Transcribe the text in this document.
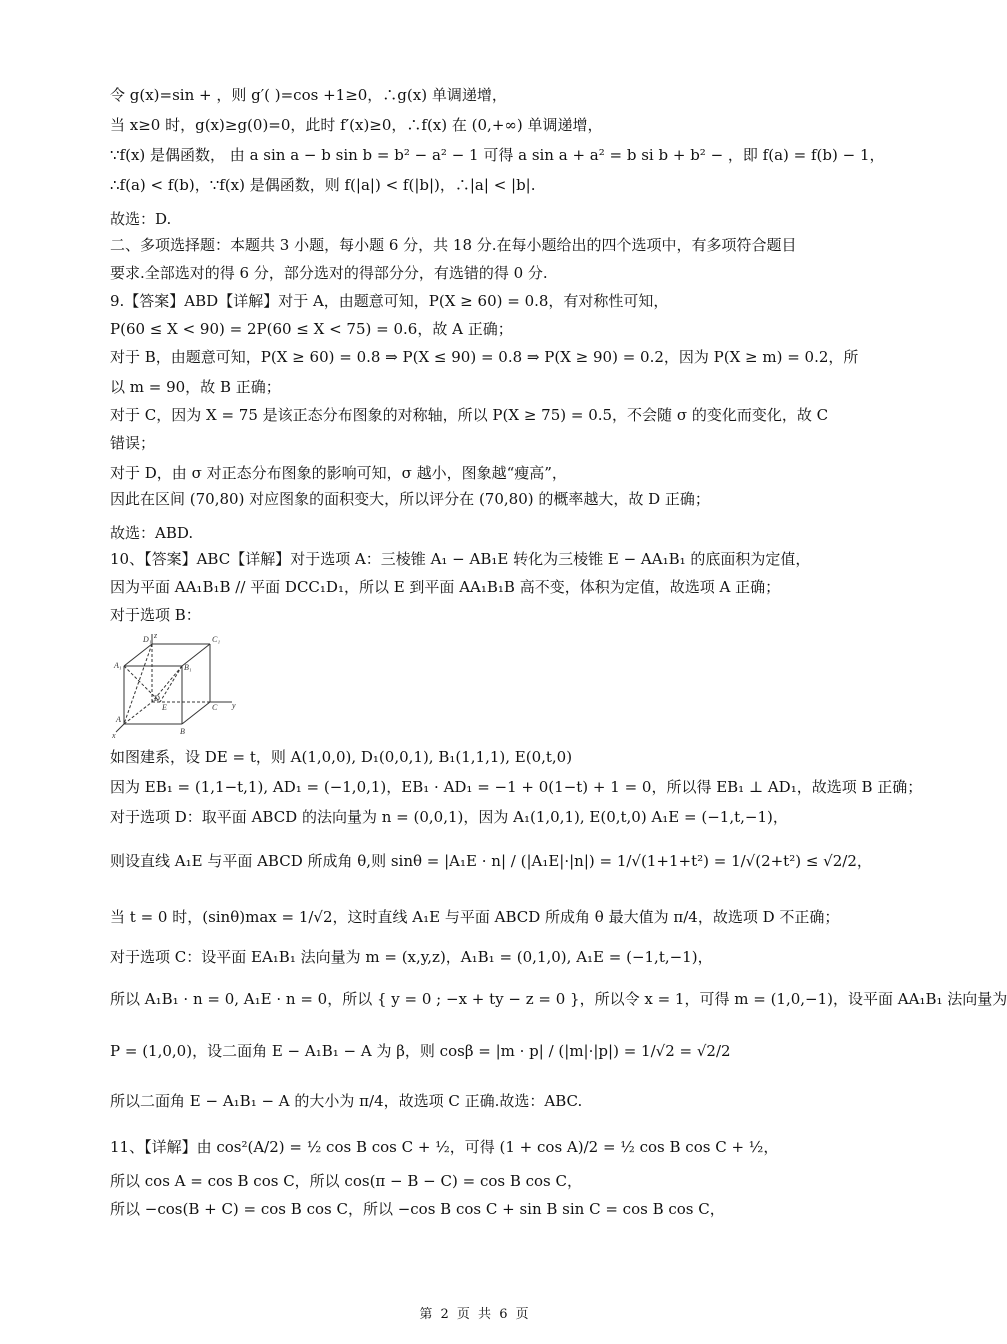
令 g(x)=sin + ，则 g′( )=cos +1≥0，∴g(x) 单调递增，
当 x≥0 时，g(x)≥g(0)=0，此时 f′(x)≥0，∴f(x) 在 (0,+∞) 单调递增，
∵f(x) 是偶函数， 由 a sin a − b sin b = b² − a² − 1 可得 a sin a + a² = b si b + b² − ，即 f(a) = f(b) − 1，
∴f(a) < f(b)，∵f(x) 是偶函数，则 f(|a|) < f(|b|)，∴|a| < |b|.
故选：D.
二、多项选择题：本题共 3 小题，每小题 6 分，共 18 分.在每小题给出的四个选项中，有多项符合题目
要求.全部选对的得 6 分，部分选对的得部分分，有选错的得 0 分.
9.【答案】ABD【详解】对于 A，由题意可知，P(X ≥ 60) = 0.8，有对称性可知，
P(60 ≤ X < 90) = 2P(60 ≤ X < 75) = 0.6，故 A 正确；
对于 B，由题意可知，P(X ≥ 60) = 0.8 ⇒ P(X ≤ 90) = 0.8 ⇒ P(X ≥ 90) = 0.2，因为 P(X ≥ m) = 0.2，所
以 m = 90，故 B 正确；
对于 C，因为 X = 75 是该正态分布图象的对称轴，所以 P(X ≥ 75) = 0.5，不会随 σ 的变化而变化，故 C
错误；
对于 D，由 σ 对正态分布图象的影响可知，σ 越小，图象越“瘦高”，
因此在区间 (70,80) 对应图象的面积变大，所以评分在 (70,80) 的概率越大，故 D 正确；
故选：ABD.
10、【答案】ABC【详解】对于选项 A：三棱锥 A₁ − AB₁E 转化为三棱锥 E − AA₁B₁ 的底面积为定值，
因为平面 AA₁B₁B // 平面 DCC₁D₁，所以 E 到平面 AA₁B₁B 高不变，体积为定值，故选项 A 正确；
对于选项 B：
如图建系，设 DE = t，则 A(1,0,0), D₁(0,0,1), B₁(1,1,1), E(0,t,0)
因为 EB₁ = (1,1−t,1), AD₁ = (−1,0,1)，EB₁ · AD₁ = −1 + 0(1−t) + 1 = 0，所以得 EB₁ ⊥ AD₁，故选项 B 正确；
对于选项 D：取平面 ABCD 的法向量为 n = (0,0,1)，因为 A₁(1,0,1), E(0,t,0) A₁E = (−1,t,−1)，
则设直线 A₁E 与平面 ABCD 所成角 θ,则 sinθ = |A₁E · n| / (|A₁E|·|n|) = 1/√(1+1+t²) = 1/√(2+t²) ≤ √2/2，
当 t = 0 时，(sinθ)max = 1/√2，这时直线 A₁E 与平面 ABCD 所成角 θ 最大值为 π/4，故选项 D 不正确；
对于选项 C：设平面 EA₁B₁ 法向量为 m = (x,y,z)，A₁B₁ = (0,1,0), A₁E = (−1,t,−1)，
所以 A₁B₁ · n = 0, A₁E · n = 0，所以 { y = 0 ; −x + ty − z = 0 }，所以令 x = 1，可得 m = (1,0,−1)，设平面 AA₁B₁ 法向量为
P = (1,0,0)，设二面角 E − A₁B₁ − A 为 β，则 cosβ = |m · p| / (|m|·|p|) = 1/√2 = √2/2
所以二面角 E − A₁B₁ − A 的大小为 π/4，故选项 C 正确.故选：ABC.
11、【详解】由 cos²(A/2) = ½ cos B cos C + ½，可得 (1 + cos A)/2 = ½ cos B cos C + ½，
所以 cos A = cos B cos C，所以 cos(π − B − C) = cos B cos C，
所以 −cos(B + C) = cos B cos C，所以 −cos B cos C + sin B sin C = cos B cos C，
D₁	C₁
A₁	B₁
D
E	C
A
B
x
y
z
第 2 页 共 6 页
